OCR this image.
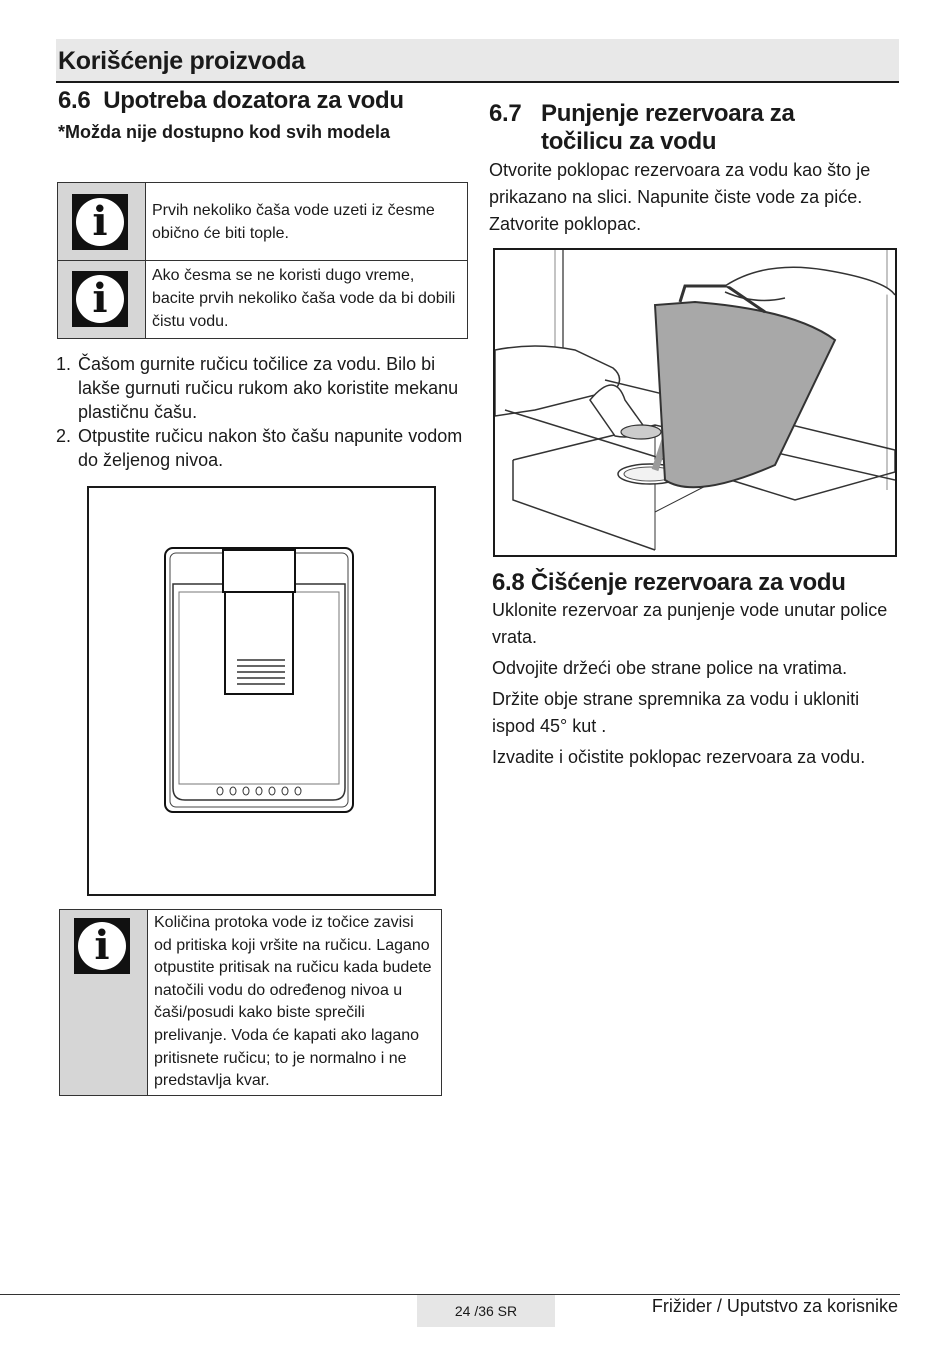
Korišćenje proizvoda
6.6 Upotreba dozatora za vodu
*Možda nije dostupno kod svih modela
i	Prvih nekoliko čaša vode uzeti iz česme obično će biti tople.
i	Ako česma se ne koristi dugo vreme, bacite prvih nekoliko čaša vode da bi dobili čistu vodu.
1. Čašom gurnite ručicu točilice za vodu. Bilo bi lakše gurnuti ručicu rukom ako koristite mekanu plastičnu čašu.
2. Otpustite ručicu nakon što čašu napunite vodom do željenog nivoa.
i	Količina protoka vode iz točice zavisi od pritiska koji vršite na ručicu. Lagano otpustite pritisak na ručicu kada budete natočili vodu do određenog nivoa u čaši/posudi kako biste sprečili prelivanje. Voda će kapati ako lagano pritisnete ručicu; to je normalno i ne predstavlja kvar.
6.7 Punjenje rezervoara za
točilicu za vodu
Otvorite poklopac rezervoara za vodu kao što je prikazano na slici. Napunite čiste vode za piće. Zatvorite poklopac.
6.8 Čišćenje rezervoara za vodu

Uklonite rezervoar za punjenje vode unutar police vrata.

Odvojite držeći obe strane police na vratima.

Držite obje strane spremnika za vodu i ukloniti ispod 45° kut .

Izvadite i očistite poklopac rezervoara za vodu.

24 /36 SR	Frižider / Uputstvo za korisnike
